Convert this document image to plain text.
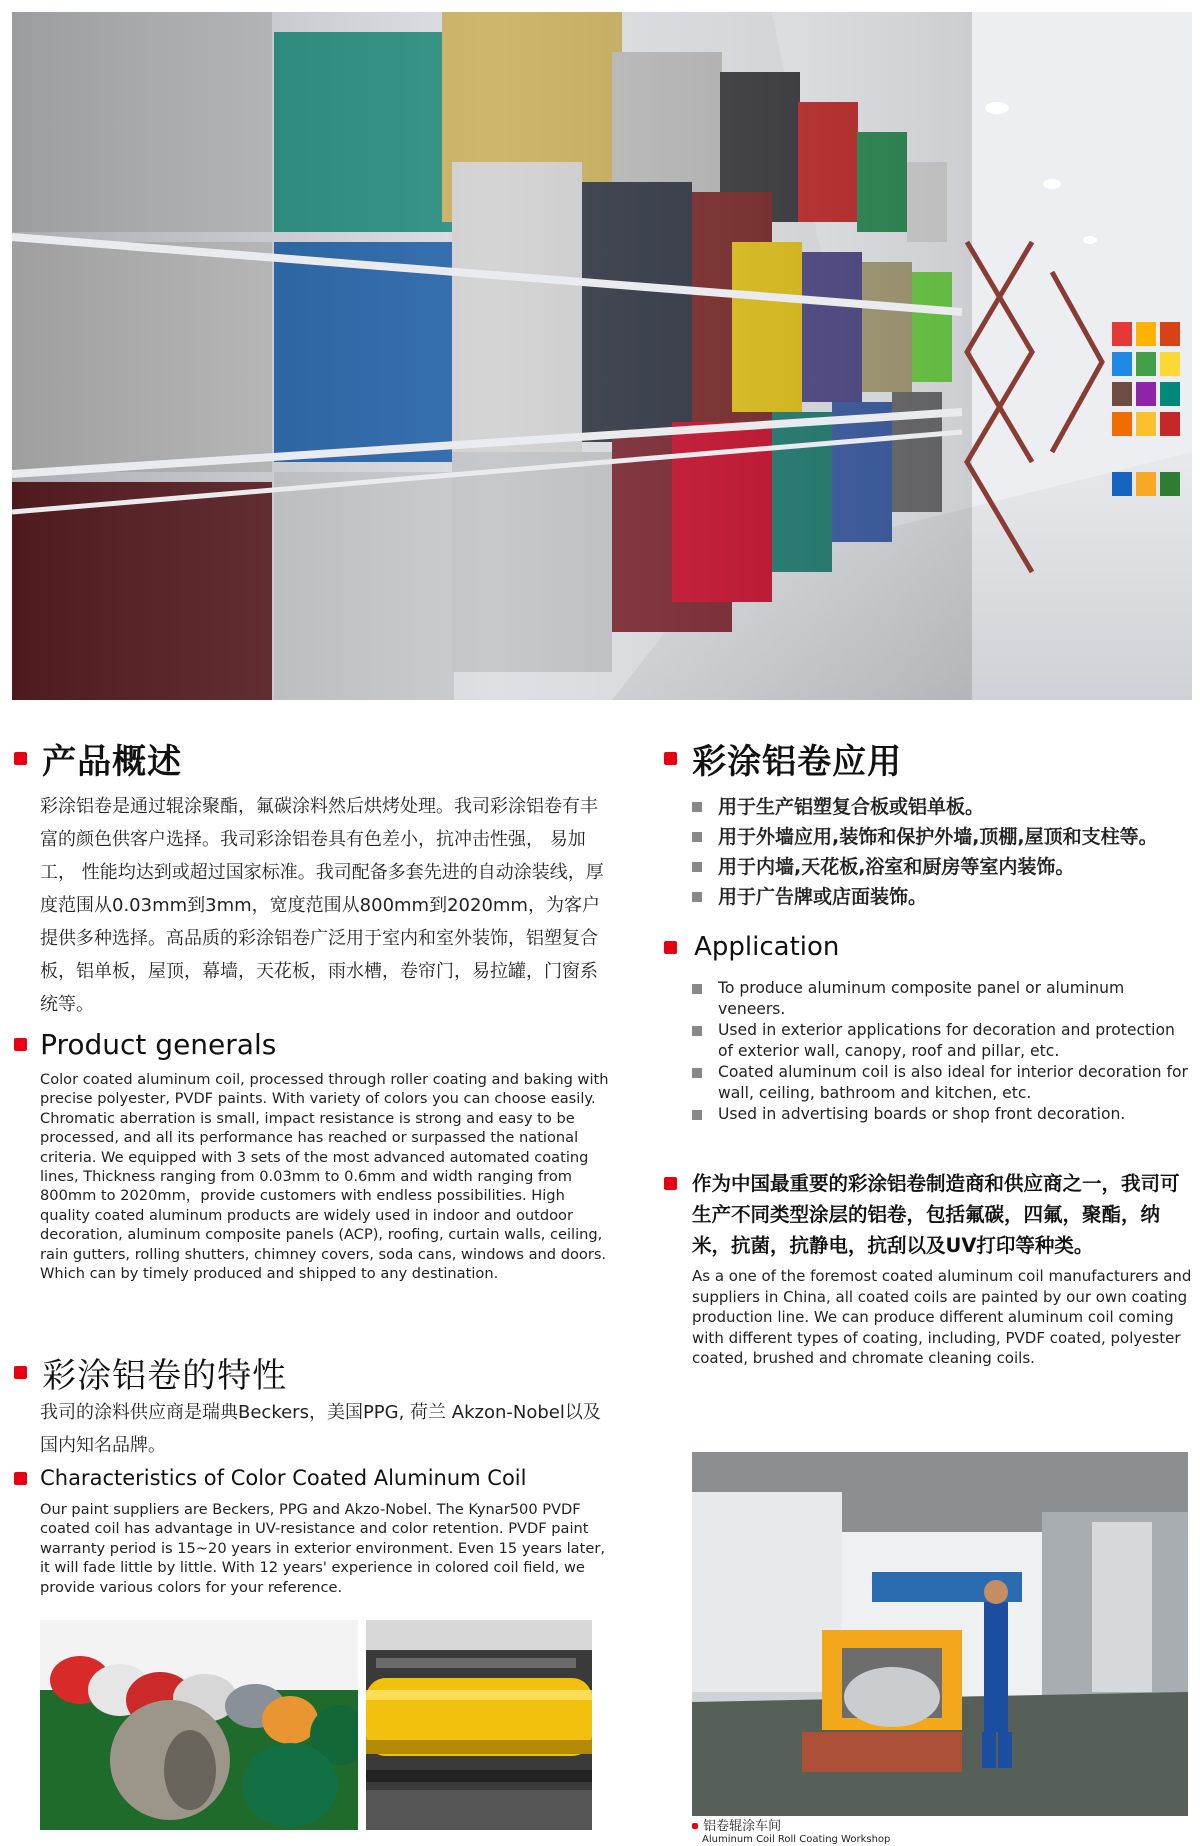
产品概述
彩涂铝卷是通过辊涂聚酯，氟碳涂料然后烘烤处理。我司彩涂铝卷有丰富的颜色供客户选择。我司彩涂铝卷具有色差小，抗冲击性强， 易加工， 性能均达到或超过国家标准。我司配备多套先进的自动涂装线，厚度范围从0.03mm到3mm，宽度范围从800mm到2020mm，为客户提供多种选择。高品质的彩涂铝卷广泛用于室内和室外装饰，铝塑复合板，铝单板，屋顶，幕墙，天花板，雨水槽，卷帘门，易拉罐，门窗系统等。
Product generals
Color coated aluminum coil, processed through roller coating and baking with precise polyester, PVDF paints. With variety of colors you can choose easily. Chromatic aberration is small, impact resistance is strong and easy to be processed, and all its performance has reached or surpassed the national criteria. We equipped with 3 sets of the most advanced automated coating lines, Thickness ranging from 0.03mm to 0.6mm and width ranging from 800mm to 2020mm，provide customers with endless possibilities. High quality coated aluminum products are widely used in indoor and outdoor decoration, aluminum composite panels (ACP), roofing, curtain walls, ceiling, rain gutters, rolling shutters, chimney covers, soda cans, windows and doors. Which can by timely produced and shipped to any destination.
彩涂铝卷的特性
我司的涂料供应商是瑞典Beckers，美国PPG, 荷兰 Akzon-Nobel以及国内知名品牌。
Characteristics of Color Coated Aluminum Coil
Our paint suppliers are Beckers, PPG and Akzo-Nobel. The Kynar500 PVDF coated coil has advantage in UV-resistance and color retention. PVDF paint warranty period is 15~20 years in exterior environment. Even 15 years later, it will fade little by little. With 12 years' experience in colored coil field, we provide various colors for your reference.
彩涂铝卷应用
用于生产铝塑复合板或铝单板。
用于外墙应用,装饰和保护外墙,顶棚,屋顶和支柱等。
用于内墙,天花板,浴室和厨房等室内装饰。
用于广告牌或店面装饰。
Application
To produce aluminum composite panel or aluminum veneers.
Used in exterior applications for decoration and protection of exterior wall, canopy, roof and pillar, etc.
Coated aluminum coil is also ideal for interior decoration for wall, ceiling, bathroom and kitchen, etc.
Used in advertising boards or shop front decoration.
作为中国最重要的彩涂铝卷制造商和供应商之一，我司可生产不同类型涂层的铝卷，包括氟碳，四氟，聚酯，纳米，抗菌，抗静电，抗刮以及UV打印等种类。
As a one of the foremost coated aluminum coil manufacturers and suppliers in China, all coated coils are painted by our own coating production line. We can produce different aluminum coil coming with different types of coating, including, PVDF coated, polyester coated, brushed and chromate cleaning coils.
铝卷辊涂车间
Aluminum Coil Roll Coating Workshop
